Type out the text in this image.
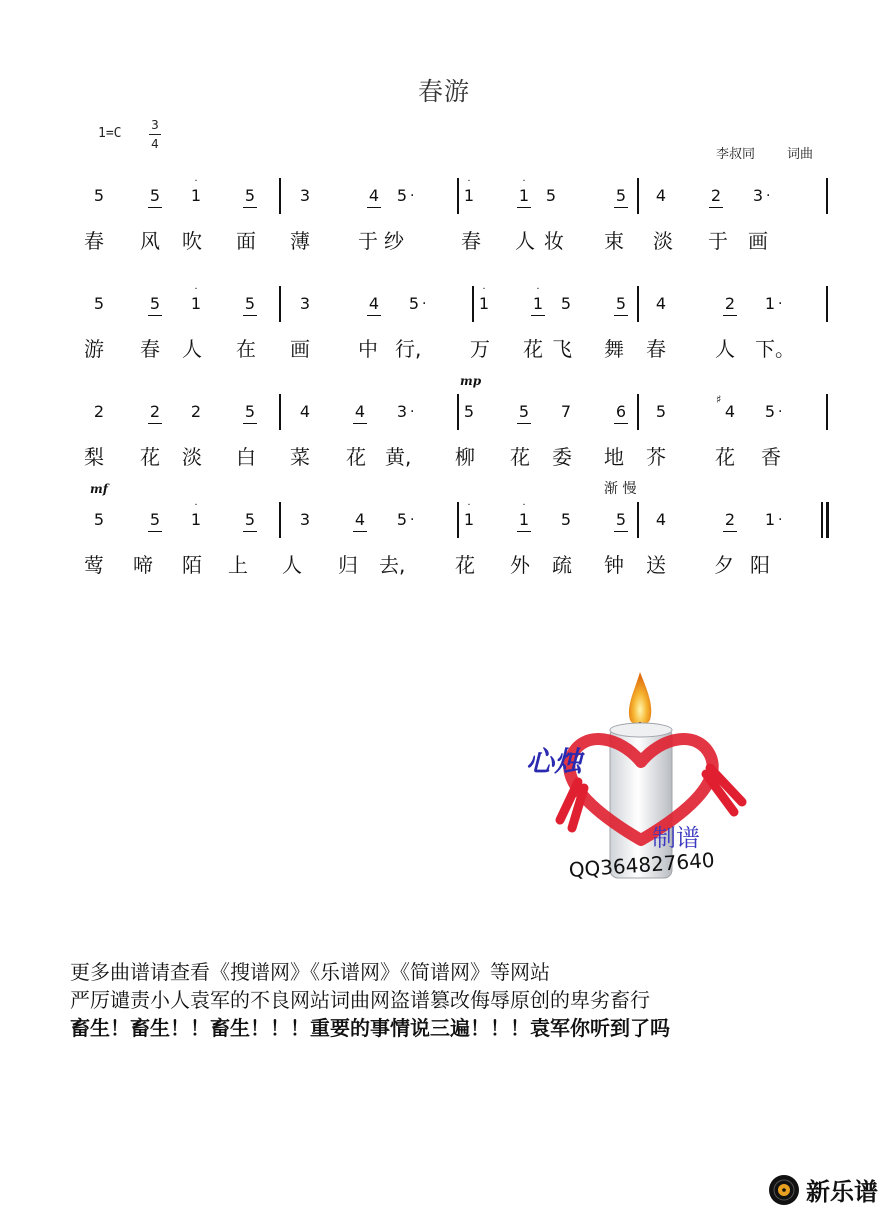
春游
$1=C \frac{3}{4}$
李叔同 词曲
5	5	1
·
5	3	4	5 ·	1
·
1
·
5	5	4	2	3 ·
春 风 吹 面 薄 于 纱	春 人 妆 束 淡 于 画
5	5	1
·
5	3	4	5 ·	1
·
1
·
5	5	4	2	1 ·
游 春 人 在 画 中 行, 万 花 飞 舞 春 人 下。
2	2	2	5	4	4	3 ·	5	5	7	6	5	4
♯
5 ·
梨 花 淡 白 菜 花 黄, 柳 花 委 地 芥 花 香
5	5	1
·
5	3	4	5 ·	1
·
1
·
5	5	4	2	1 ·
莺 啼 陌 上 人 归 去, 花 外 疏 钟 送 夕 阳
mp
mf	渐 慢
心烛
制谱
QQ364827640
更多曲谱请查看《搜谱网》《乐谱网》《简谱网》等网站
严厉谴责小人袁军的不良网站词曲网盗谱篡改侮辱原创的卑劣畜行
畜生！畜生！！畜生！！！重要的事情说三遍！！！袁军你听到了吗
新乐谱
